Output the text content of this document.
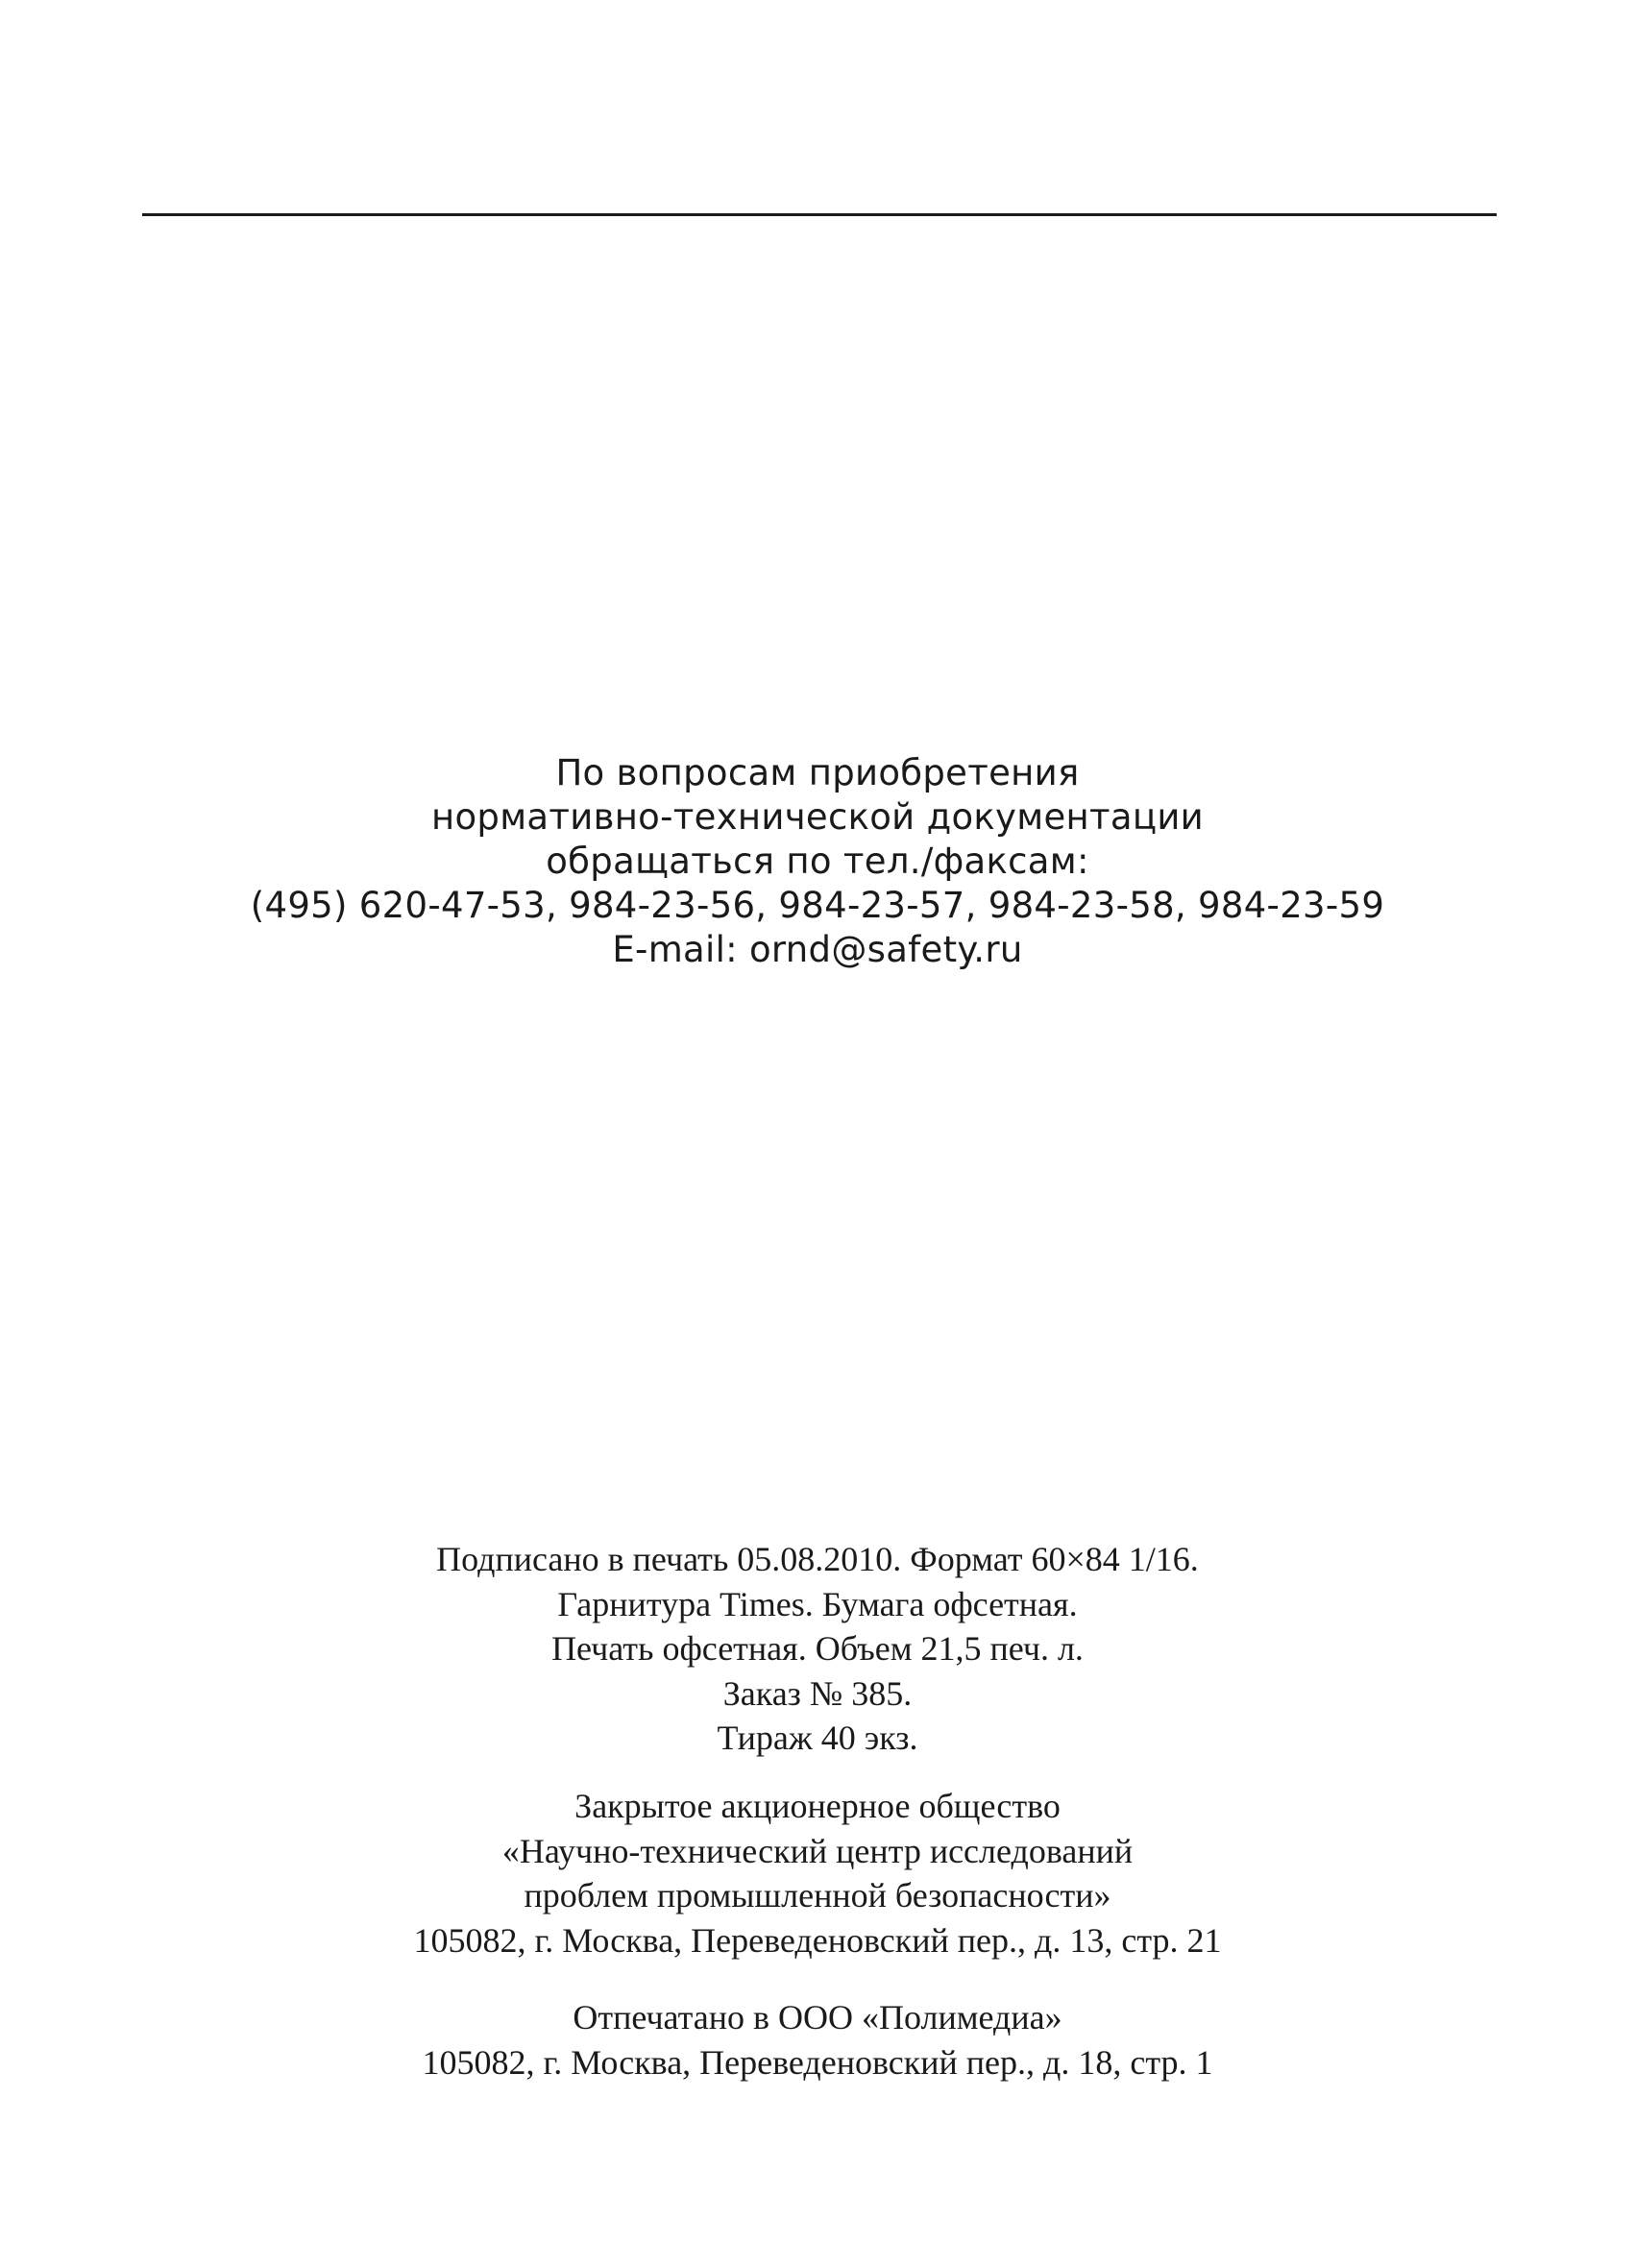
По вопросам приобретения
нормативно-технической документации
обращаться по тел./факсам:
(495) 620-47-53, 984-23-56, 984-23-57, 984-23-58, 984-23-59
E-mail: ornd@safety.ru
Подписано в печать 05.08.2010. Формат 60×84 1/16.
Гарнитура Times. Бумага офсетная.
Печать офсетная. Объем 21,5 печ. л.
Заказ № 385.
Тираж 40 экз.
Закрытое акционерное общество
«Научно-технический центр исследований
проблем промышленной безопасности»
105082, г. Москва, Переведеновский пер., д. 13, стр. 21
Отпечатано в ООО «Полимедиа»
105082, г. Москва, Переведеновский пер., д. 18, стр. 1
